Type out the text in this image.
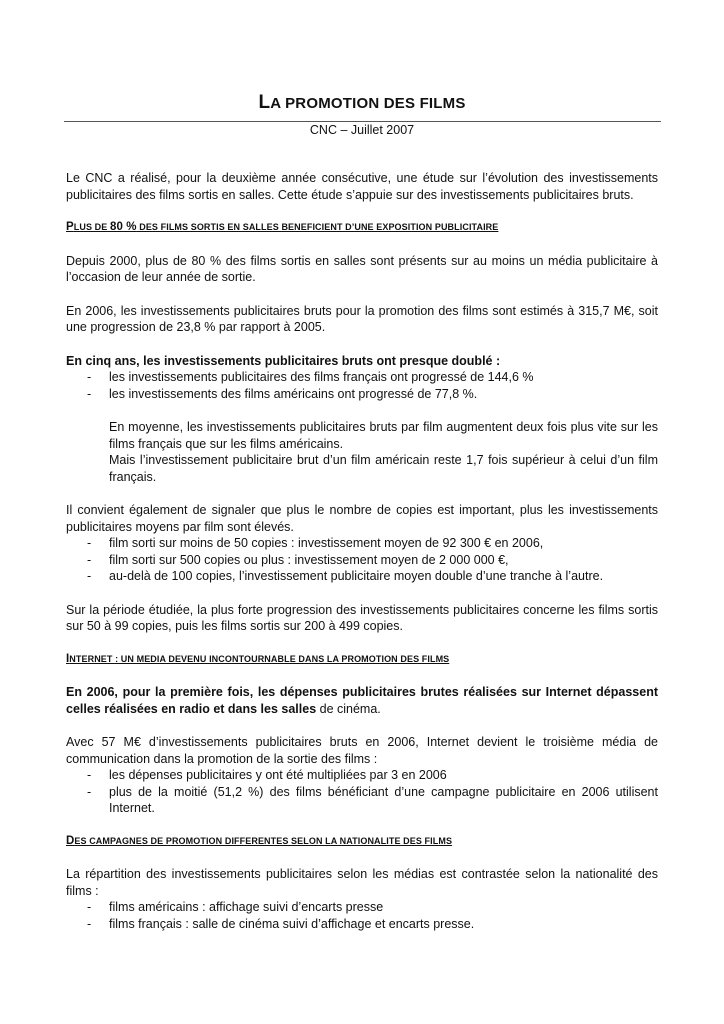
LA PROMOTION DES FILMS
CNC – Juillet 2007

Le CNC a réalisé, pour la deuxième année consécutive, une étude sur l’évolution des investissements publicitaires des films sortis en salles. Cette étude s’appuie sur des investissements publicitaires bruts.

PLUS DE 80 % DES FILMS SORTIS EN SALLES BENEFICIENT D’UNE EXPOSITION PUBLICITAIRE

Depuis 2000, plus de 80 % des films sortis en salles sont présents sur au moins un média publicitaire à l’occasion de leur année de sortie.

En 2006, les investissements publicitaires bruts pour la promotion des films sont estimés à 315,7 M€, soit une progression de 23,8 % par rapport à 2005.

En cinq ans, les investissements publicitaires bruts ont presque doublé :

- les investissements publicitaires des films français ont progressé de 144,6 %
- les investissements des films américains ont progressé de 77,8 %.

En moyenne, les investissements publicitaires bruts par film augmentent deux fois plus vite sur les films français que sur les films américains.

Mais l’investissement publicitaire brut d’un film américain reste 1,7 fois supérieur à celui d’un film français.

Il convient également de signaler que plus le nombre de copies est important, plus les investissements publicitaires moyens par film sont élevés.

- film sorti sur moins de 50 copies : investissement moyen de 92 300 € en 2006,
- film sorti sur 500 copies ou plus : investissement moyen de 2 000 000 €,
- au-delà de 100 copies, l’investissement publicitaire moyen double d’une tranche à l’autre.

Sur la période étudiée, la plus forte progression des investissements publicitaires concerne les films sortis sur 50 à 99 copies, puis les films sortis sur 200 à 499 copies.

INTERNET : UN MEDIA DEVENU INCONTOURNABLE DANS LA PROMOTION DES FILMS

En 2006, pour la première fois, les dépenses publicitaires brutes réalisées sur Internet dépassent celles réalisées en radio et dans les salles de cinéma.

Avec 57 M€ d’investissements publicitaires bruts en 2006, Internet devient le troisième média de communication dans la promotion de la sortie des films :

- les dépenses publicitaires y ont été multipliées par 3 en 2006
- plus de la moitié (51,2 %) des films bénéficiant d’une campagne publicitaire en 2006 utilisent Internet.

DES CAMPAGNES DE PROMOTION DIFFERENTES SELON LA NATIONALITE DES FILMS

La répartition des investissements publicitaires selon les médias est contrastée selon la nationalité des films :

- films américains : affichage suivi d’encarts presse
- films français : salle de cinéma suivi d’affichage et encarts presse.
